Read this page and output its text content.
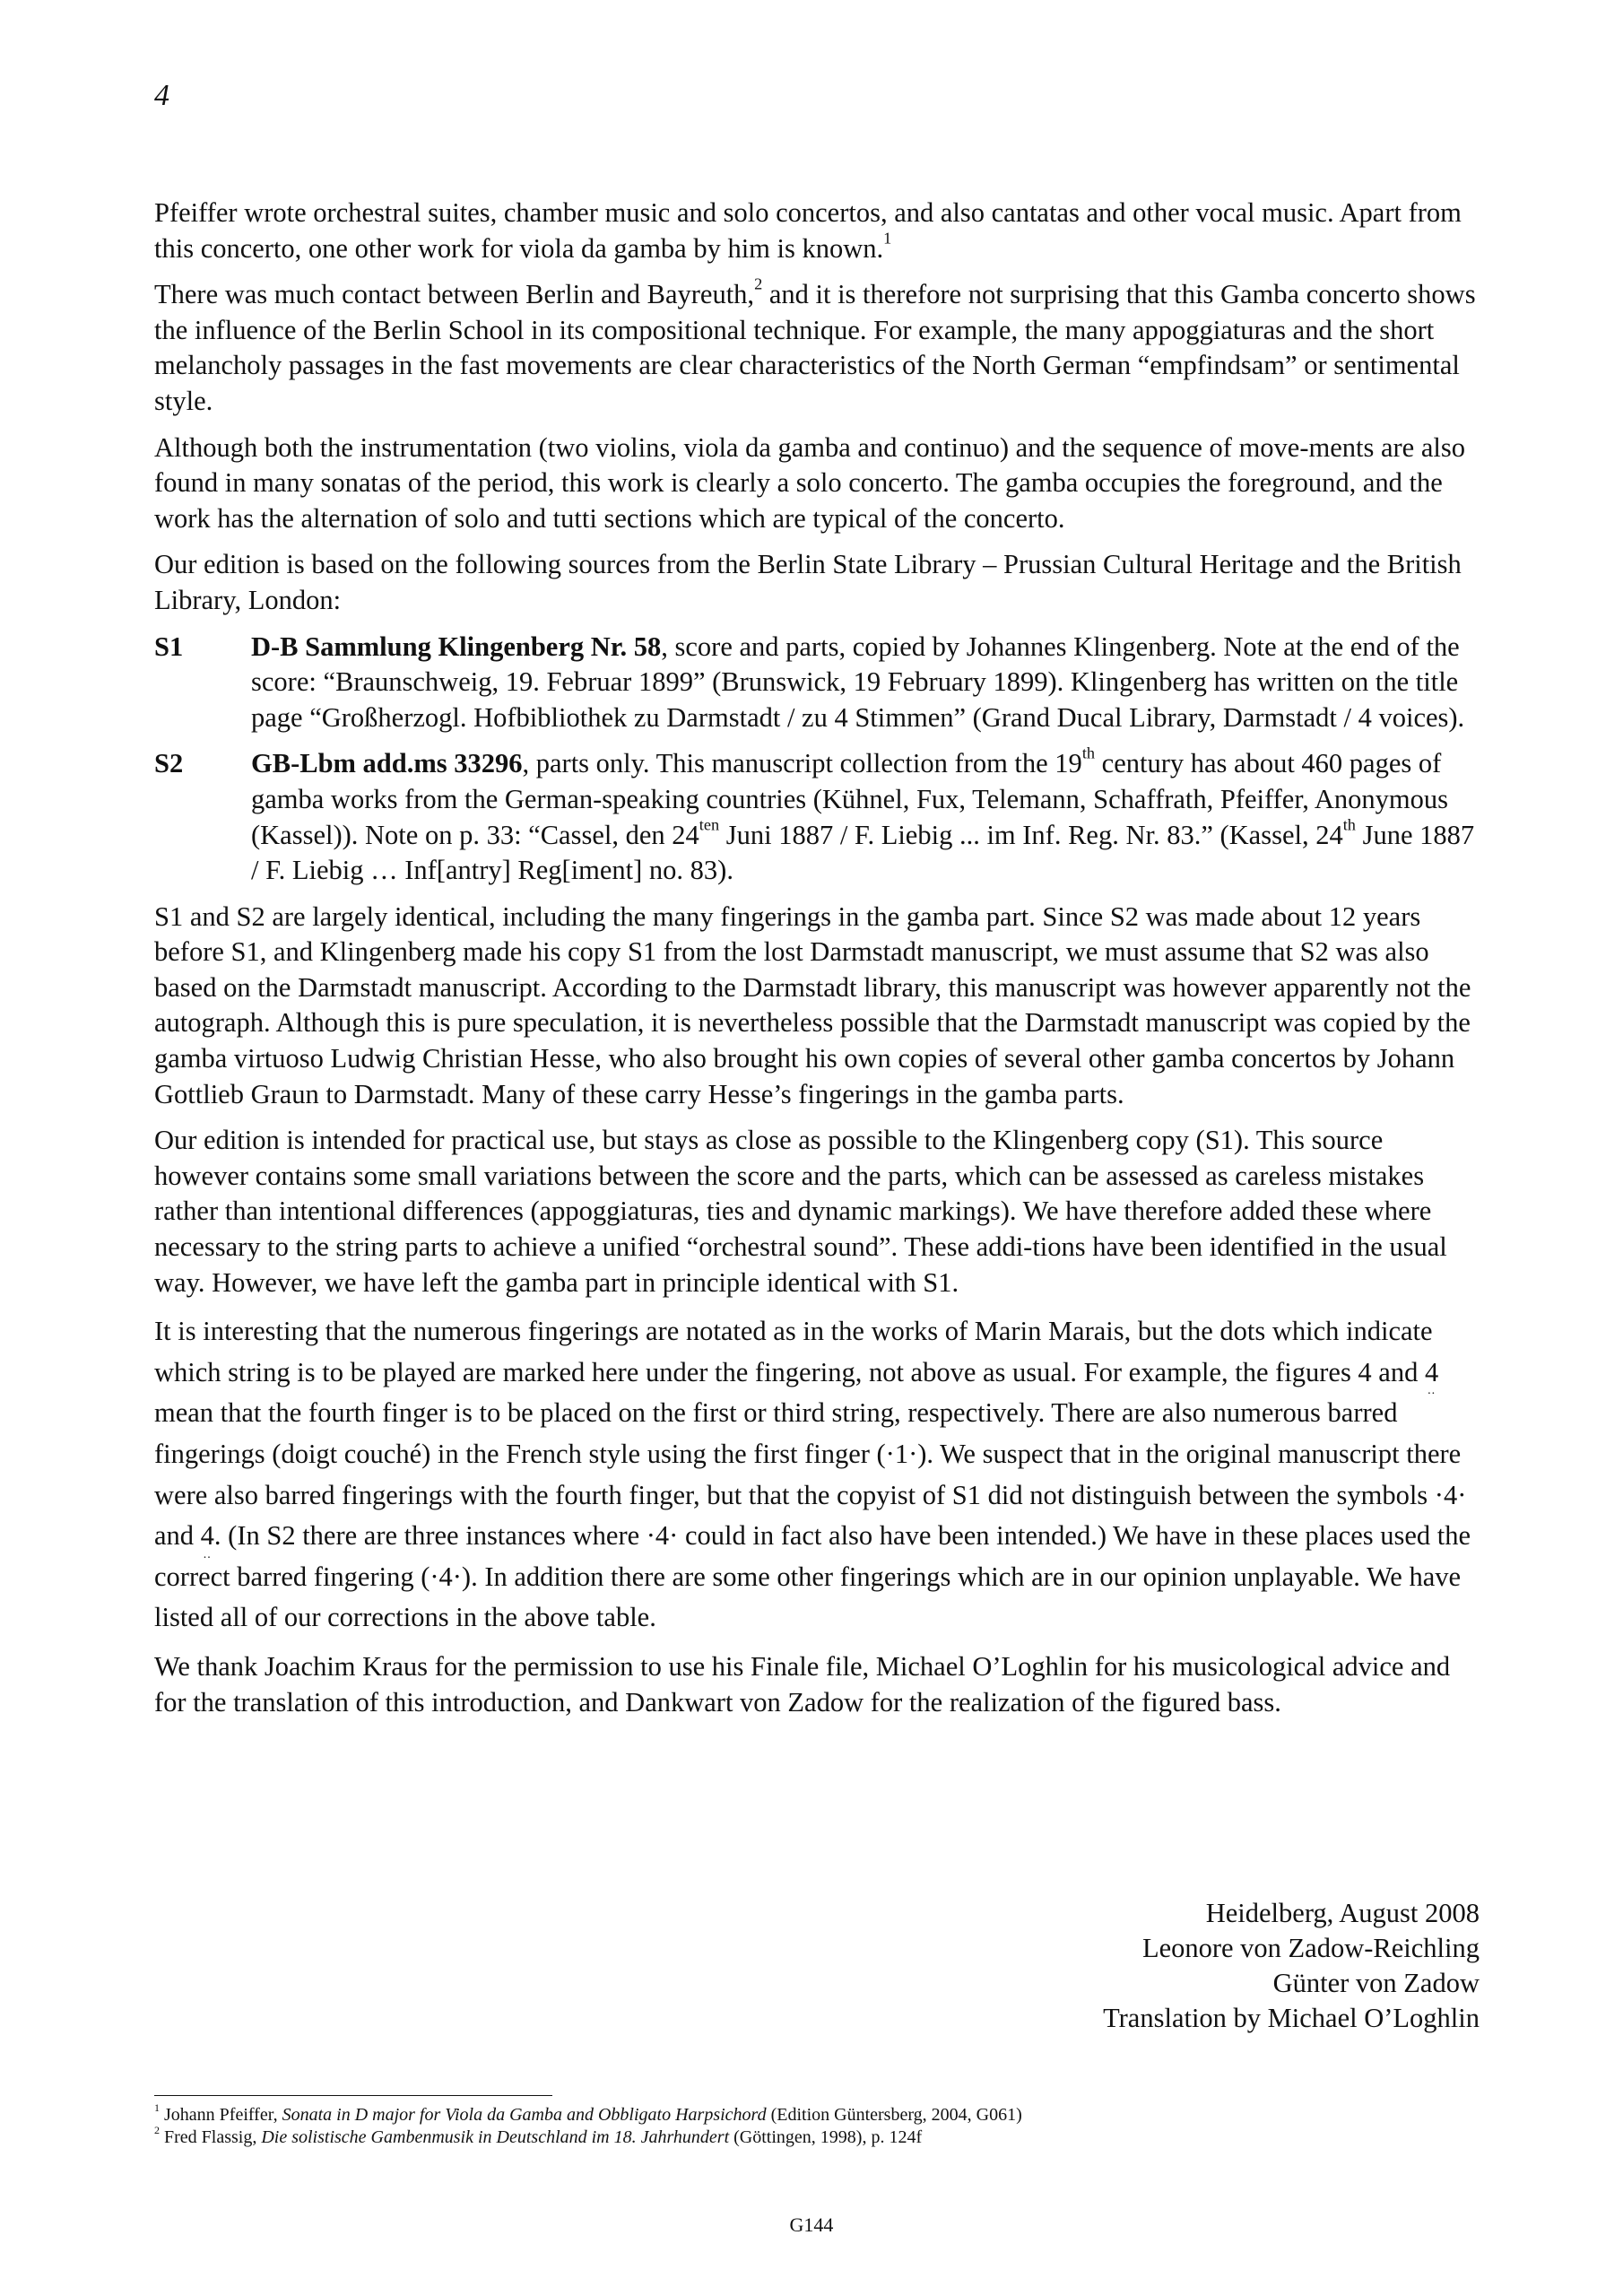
4

Pfeiffer wrote orchestral suites, chamber music and solo concertos, and also cantatas and other vocal music. Apart from this concerto, one other work for viola da gamba by him is known.$^1$

There was much contact between Berlin and Bayreuth,$^2$ and it is therefore not surprising that this Gamba concerto shows the influence of the Berlin School in its compositional technique. For example, the many appoggiaturas and the short melancholy passages in the fast movements are clear characteristics of the North German “empfindsam” or sentimental style.

Although both the instrumentation (two violins, viola da gamba and continuo) and the sequence of move-ments are also found in many sonatas of the period, this work is clearly a solo concerto. The gamba occupies the foreground, and the work has the alternation of solo and tutti sections which are typical of the concerto.

Our edition is based on the following sources from the Berlin State Library – Prussian Cultural Heritage and the British Library, London:

S1	D-B Sammlung Klingenberg Nr. 58, score and parts, copied by Johannes Klingenberg. Note at the end of the score: “Braunschweig, 19. Februar 1899” (Brunswick, 19 February 1899). Klingenberg has written on the title page “Großherzogl. Hofbibliothek zu Darmstadt / zu 4 Stimmen” (Grand Ducal Library, Darmstadt / 4 voices).
S2	GB-Lbm add.ms 33296, parts only. This manuscript collection from the 19th century has about 460 pages of gamba works from the German-speaking countries (Kühnel, Fux, Telemann, Schaffrath, Pfeiffer, Anonymous (Kassel)). Note on p. 33: “Cassel, den $24^{ten}$ Juni 1887 / F. Liebig ... im Inf. Reg. Nr. 83.” (Kassel, 24th June 1887 / F. Liebig … Inf[antry] Reg[iment] no. 83).

S1 and S2 are largely identical, including the many fingerings in the gamba part. Since S2 was made about 12 years before S1, and Klingenberg made his copy S1 from the lost Darmstadt manuscript, we must assume that S2 was also based on the Darmstadt manuscript. According to the Darmstadt library, this manuscript was however apparently not the autograph. Although this is pure speculation, it is nevertheless possible that the Darmstadt manuscript was copied by the gamba virtuoso Ludwig Christian Hesse, who also brought his own copies of several other gamba concertos by Johann Gottlieb Graun to Darmstadt. Many of these carry Hesse’s fingerings in the gamba parts.

Our edition is intended for practical use, but stays as close as possible to the Klingenberg copy (S1). This source however contains some small variations between the score and the parts, which can be assessed as careless mistakes rather than intentional differences (appoggiaturas, ties and dynamic markings). We have therefore added these where necessary to the string parts to achieve a unified “orchestral sound”. These addi-tions have been identified in the usual way. However, we have left the gamba part in principle identical with S1.

It is interesting that the numerous fingerings are notated as in the works of Marin Marais, but the dots which indicate which string is to be played are marked here under the fingering, not above as usual. For example, the figures 4 and 4
..
mean that the fourth finger is to be placed on the first or third string, respectively. There are also numerous barred fingerings (doigt couché) in the French style using the first finger (·1·). We suspect that in the original manuscript there were also barred fingerings with the fourth finger, but that the copyist of S1 did not distinguish between the symbols ·4· and 4
..
. (In S2 there are three instances where ·4· could in fact also have been intended.) We have in these places used the correct barred fingering (·4·). In addition there are some other fingerings which are in our opinion unplayable. We have listed all of our corrections in the above table.

We thank Joachim Kraus for the permission to use his Finale file, Michael O’Loghlin for his musicological advice and for the translation of this introduction, and Dankwart von Zadow for the realization of the figured bass.

Heidelberg, August 2008
Leonore von Zadow-Reichling
Günter von Zadow
Translation by Michael O’Loghlin

$^1$ Johann Pfeiffer, Sonata in D major for Viola da Gamba and Obbligato Harpsichord (Edition Güntersberg, 2004, G061)

$^2$ Fred Flassig, Die solistische Gambenmusik in Deutschland im 18. Jahrhundert (Göttingen, 1998), p. 124f

G144
